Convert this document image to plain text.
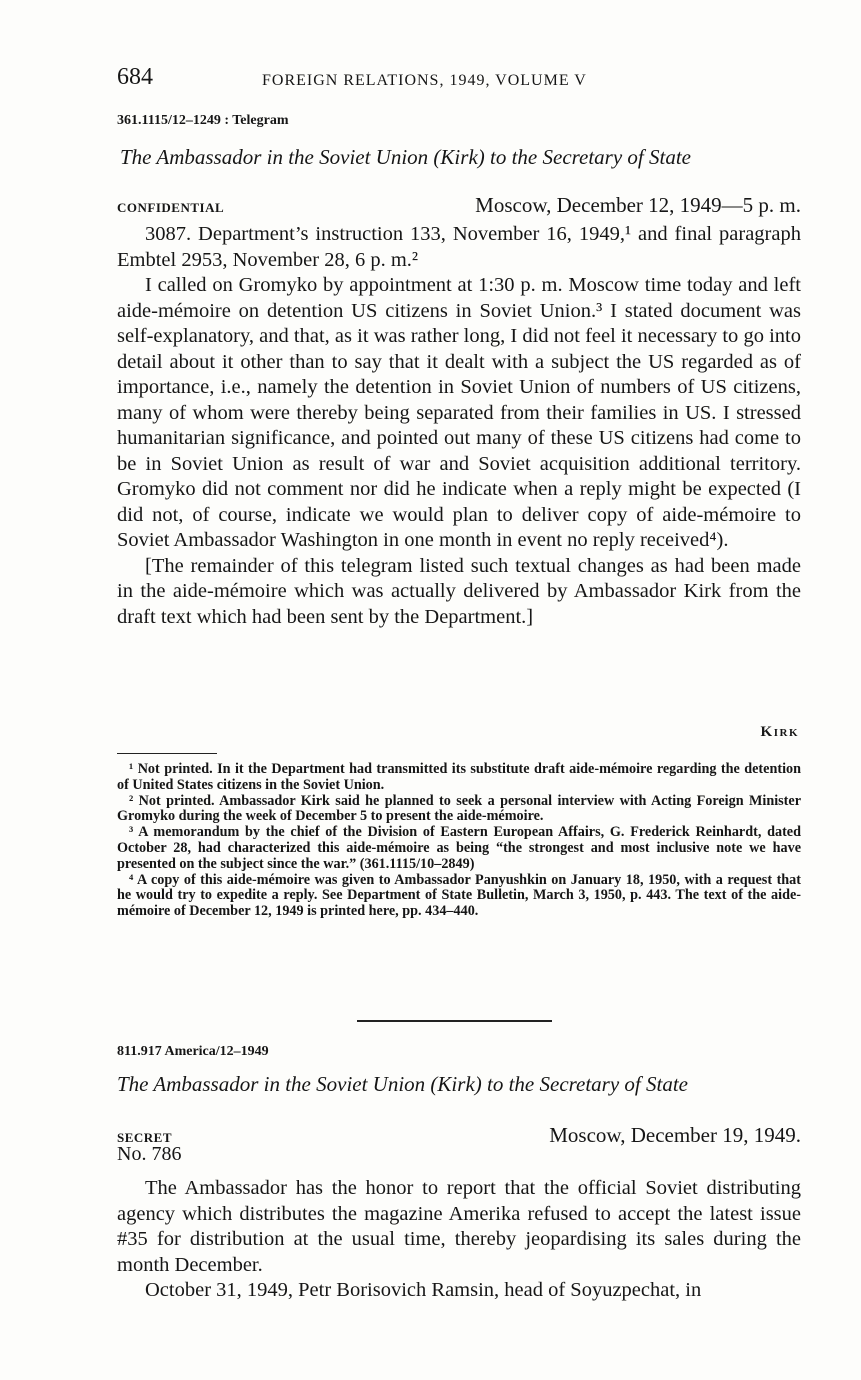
684	FOREIGN RELATIONS, 1949, VOLUME V
361.1115/12–1249 : Telegram
The Ambassador in the Soviet Union (Kirk) to the Secretary of State
CONFIDENTIAL	Moscow, December 12, 1949—5 p. m.

3087. Department’s instruction 133, November 16, 1949,¹ and final paragraph Embtel 2953, November 28, 6 p. m.²

I called on Gromyko by appointment at 1:30 p. m. Moscow time today and left aide-mémoire on detention US citizens in Soviet Union.³ I stated document was self-explanatory, and that, as it was rather long, I did not feel it necessary to go into detail about it other than to say that it dealt with a subject the US regarded as of importance, i.e., namely the detention in Soviet Union of numbers of US citizens, many of whom were thereby being separated from their families in US. I stressed humanitarian significance, and pointed out many of these US citizens had come to be in Soviet Union as result of war and Soviet acquisition additional territory. Gromyko did not comment nor did he indicate when a reply might be expected (I did not, of course, indicate we would plan to deliver copy of aide-mémoire to Soviet Ambassador Washington in one month in event no reply received⁴).

[The remainder of this telegram listed such textual changes as had been made in the aide-mémoire which was actually delivered by Ambassador Kirk from the draft text which had been sent by the Department.]

Kirk

¹ Not printed. In it the Department had transmitted its substitute draft aide-mémoire regarding the detention of United States citizens in the Soviet Union.

² Not printed. Ambassador Kirk said he planned to seek a personal interview with Acting Foreign Minister Gromyko during the week of December 5 to present the aide-mémoire.

³ A memorandum by the chief of the Division of Eastern European Affairs, G. Frederick Reinhardt, dated October 28, had characterized this aide-mémoire as being “the strongest and most inclusive note we have presented on the subject since the war.” (361.1115/10–2849)

⁴ A copy of this aide-mémoire was given to Ambassador Panyushkin on January 18, 1950, with a request that he would try to expedite a reply. See Department of State Bulletin, March 3, 1950, p. 443. The text of the aide-mémoire of December 12, 1949 is printed here, pp. 434–440.

811.917 America/12–1949
The Ambassador in the Soviet Union (Kirk) to the Secretary of State
SECRET	Moscow, December 19, 1949.
No. 786

The Ambassador has the honor to report that the official Soviet distributing agency which distributes the magazine Amerika refused to accept the latest issue #35 for distribution at the usual time, thereby jeopardising its sales during the month December.

October 31, 1949, Petr Borisovich Ramsin, head of Soyuzpechat, in
